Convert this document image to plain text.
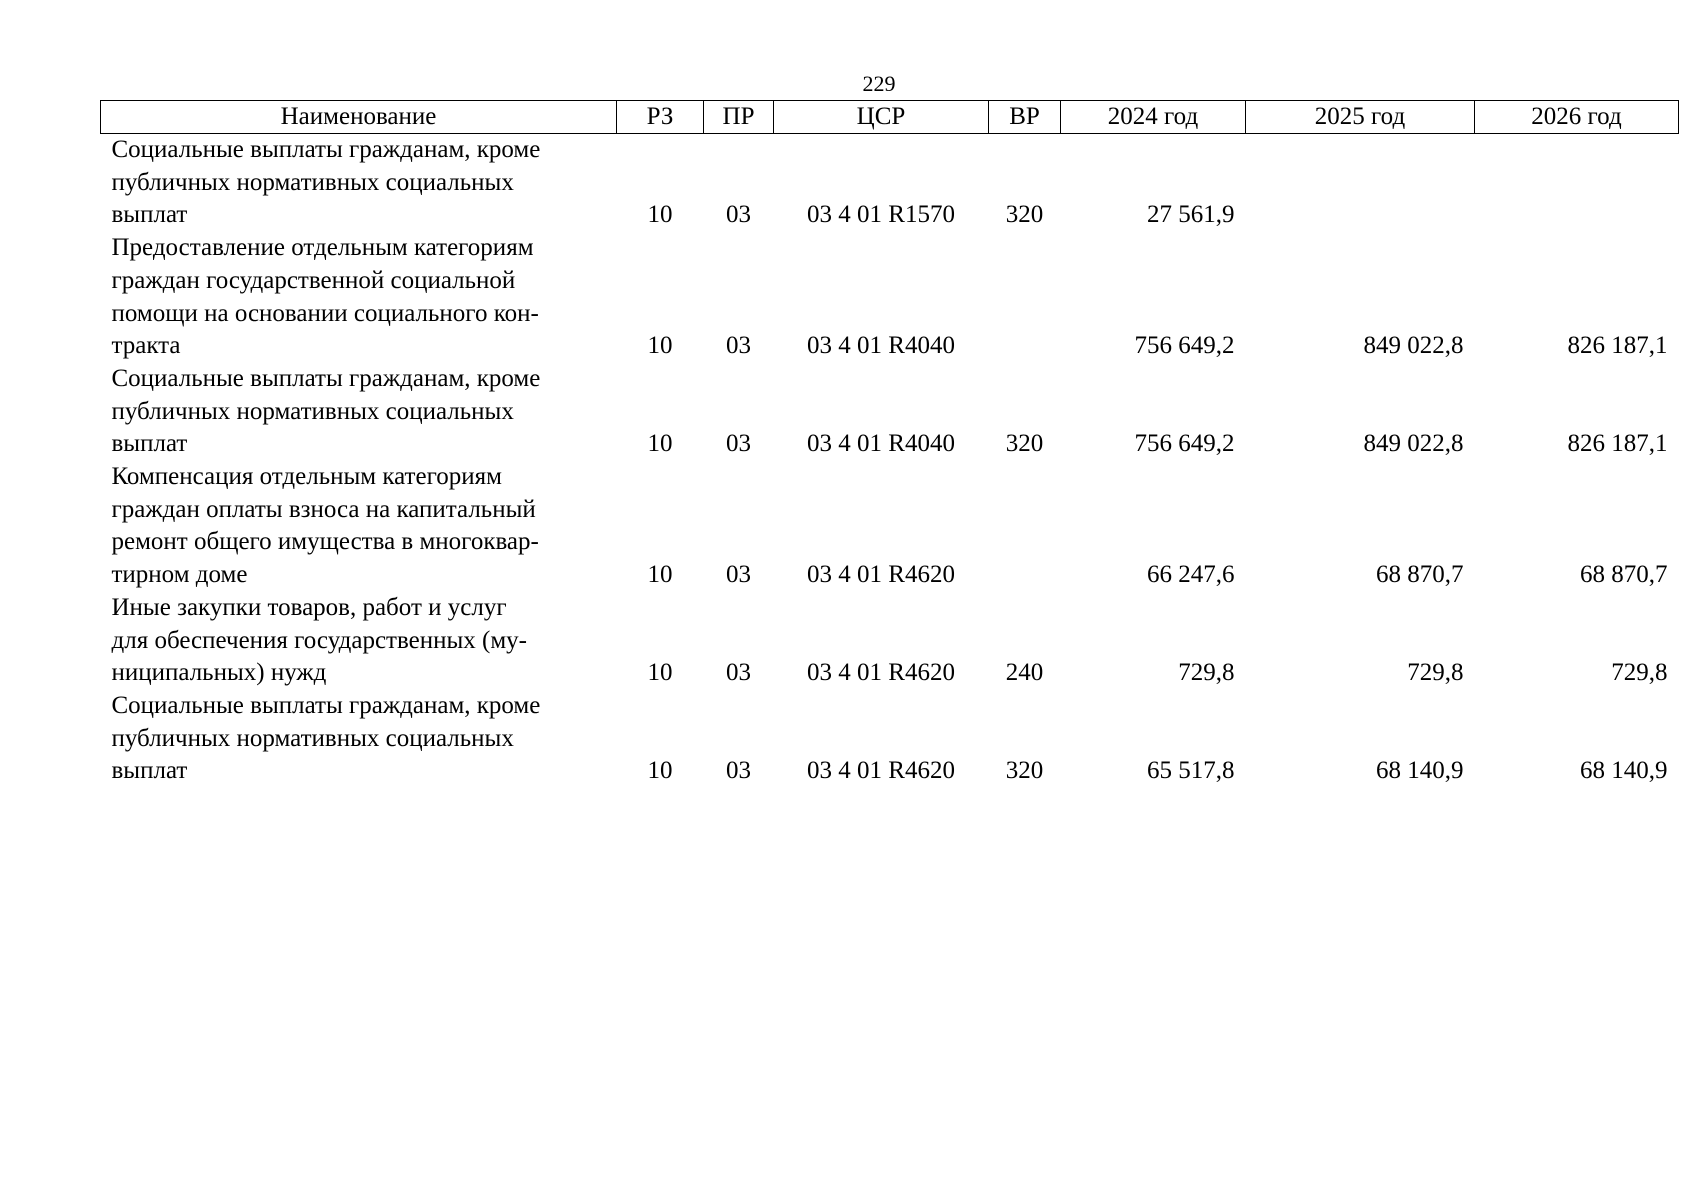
229
Наименование	РЗ	ПР	ЦСР	ВР	2024 год	2025 год	2026 год

Социальные выплаты гражданам, кроме
публичных нормативных социальных
выплат	10	03	03 4 01 R1570	320	27 561,9		

Предоставление отдельным категориям
граждан государственной социальной
помощи на основании социального кон-
тракта	10	03	03 4 01 R4040		756 649,2	849 022,8	826 187,1

Социальные выплаты гражданам, кроме
публичных нормативных социальных
выплат	10	03	03 4 01 R4040	320	756 649,2	849 022,8	826 187,1

Компенсация отдельным категориям
граждан оплаты взноса на капитальный
ремонт общего имущества в многоквар-
тирном доме	10	03	03 4 01 R4620		66 247,6	68 870,7	68 870,7

Иные закупки товаров, работ и услуг
для обеспечения государственных (му-
ниципальных) нужд	10	03	03 4 01 R4620	240	729,8	729,8	729,8

Социальные выплаты гражданам, кроме
публичных нормативных социальных
выплат	10	03	03 4 01 R4620	320	65 517,8	68 140,9	68 140,9
